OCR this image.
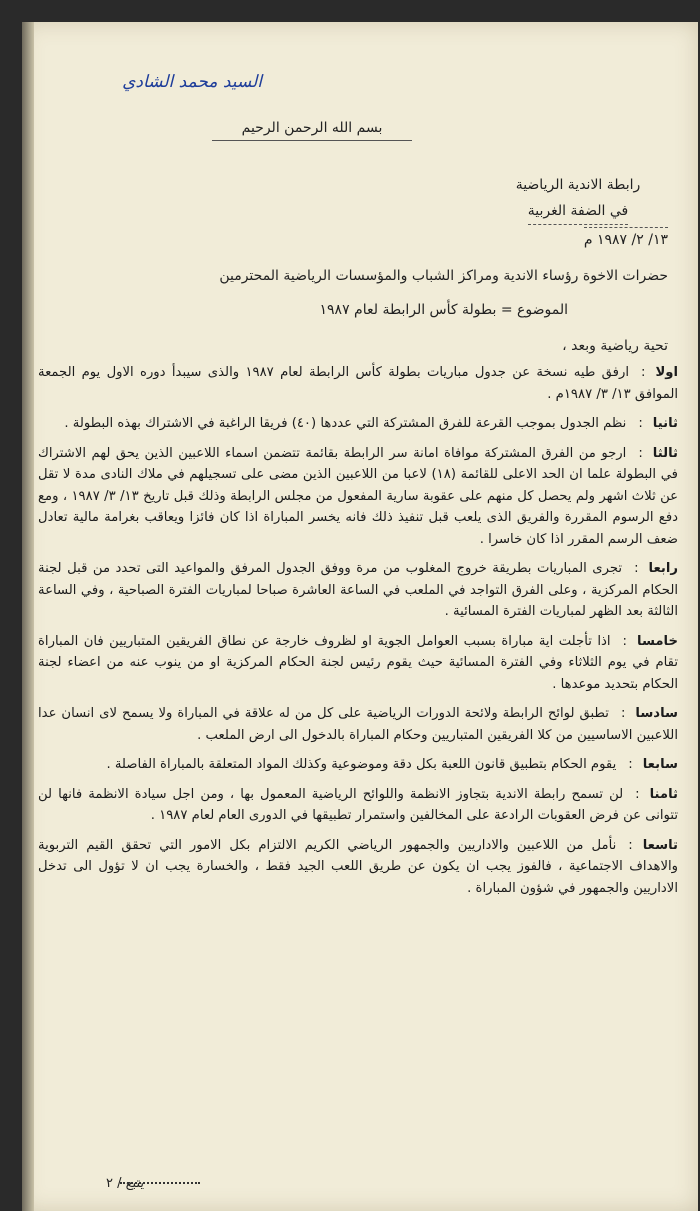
السيد محمد الشادي
بسم الله الرحمن الرحيم
رابطة الاندية الرياضية
في الضفة الغربية
١٣/ ٢/ ١٩٨٧ م
حضرات الاخوة رؤساء الاندية ومراكز الشباب والمؤسسات الرياضية المحترمين
الموضوع = بطولة كأس الرابطة لعام ١٩٨٧
تحية رياضية وبعد ،

اولا:ارفق طيه نسخة عن جدول مباريات بطولة كأس الرابطة لعام ١٩٨٧ والذى سيبدأ دوره الاول يوم الجمعة الموافق ١٣/ ٣/ ١٩٨٧م .

ثانيا:نظم الجدول بموجب القرعة للفرق المشتركة التي عددها (٤٠) فريقا الراغبة في الاشتراك بهذه البطولة .

ثالثا:ارجو من الفرق المشتركة موافاة امانة سر الرابطة بقائمة تتضمن اسماء اللاعبين الذين يحق لهم الاشتراك في البطولة علما ان الحد الاعلى للقائمة (١٨) لاعبا من اللاعبين الذين مضى على تسجيلهم في ملاك النادى مدة لا تقل عن ثلاث اشهر ولم يحصل كل منهم على عقوبة سارية المفعول من مجلس الرابطة وذلك قبل تاريخ ١٣/ ٣/ ١٩٨٧ ، ومع دفع الرسوم المقررة والفريق الذى يلعب قبل تنفيذ ذلك فانه يخسر المباراة اذا كان فائزا ويعاقب بغرامة مالية تعادل ضعف الرسم المقرر اذا كان خاسرا .

رابعا:تجرى المباريات بطريقة خروج المغلوب من مرة ووفق الجدول المرفق والمواعيد التى تحدد من قبل لجنة الحكام المركزية ، وعلى الفرق التواجد في الملعب في الساعة العاشرة صباحا لمباريات الفترة الصباحية ، وفي الساعة الثالثة بعد الظهر لمباريات الفترة المسائية .

خامسا:اذا تأجلت اية مباراة بسبب العوامل الجوية او لظروف خارجة عن نطاق الفريقين المتباريين فان المباراة تقام في يوم الثلاثاء وفي الفترة المسائية حيث يقوم رئيس لجنة الحكام المركزية او من ينوب عنه من اعضاء لجنة الحكام بتحديد موعدها .

سادسا:تطبق لوائح الرابطة ولائحة الدورات الرياضية على كل من له علاقة في المباراة ولا يسمح لاى انسان عدا اللاعبين الاساسيين من كلا الفريقين المتباريين وحكام المباراة بالدخول الى ارض الملعب .

سابعا:يقوم الحكام بتطبيق قانون اللعبة بكل دقة وموضوعية وكذلك المواد المتعلقة بالمباراة الفاصلة .

ثامنا:لن تسمح رابطة الاندية بتجاوز الانظمة واللوائح الرياضية المعمول بها ، ومن اجل سيادة الانظمة فانها لن تتوانى عن فرض العقوبات الرادعة على المخالفين واستمرار تطبيقها في الدورى العام لعام ١٩٨٧ .

تاسعا:نأمل من اللاعبين والاداريين والجمهور الرياضي الكريم الالتزام بكل الامور التي تحقق القيم التربوية والاهداف الاجتماعية ، فالفوز يجب ان يكون عن طريق اللعب الجيد فقط ، والخسارة يجب ان لا تؤول الى تدخل الاداريين والجمهور في شؤون المباراة .

يتبع / ٢
